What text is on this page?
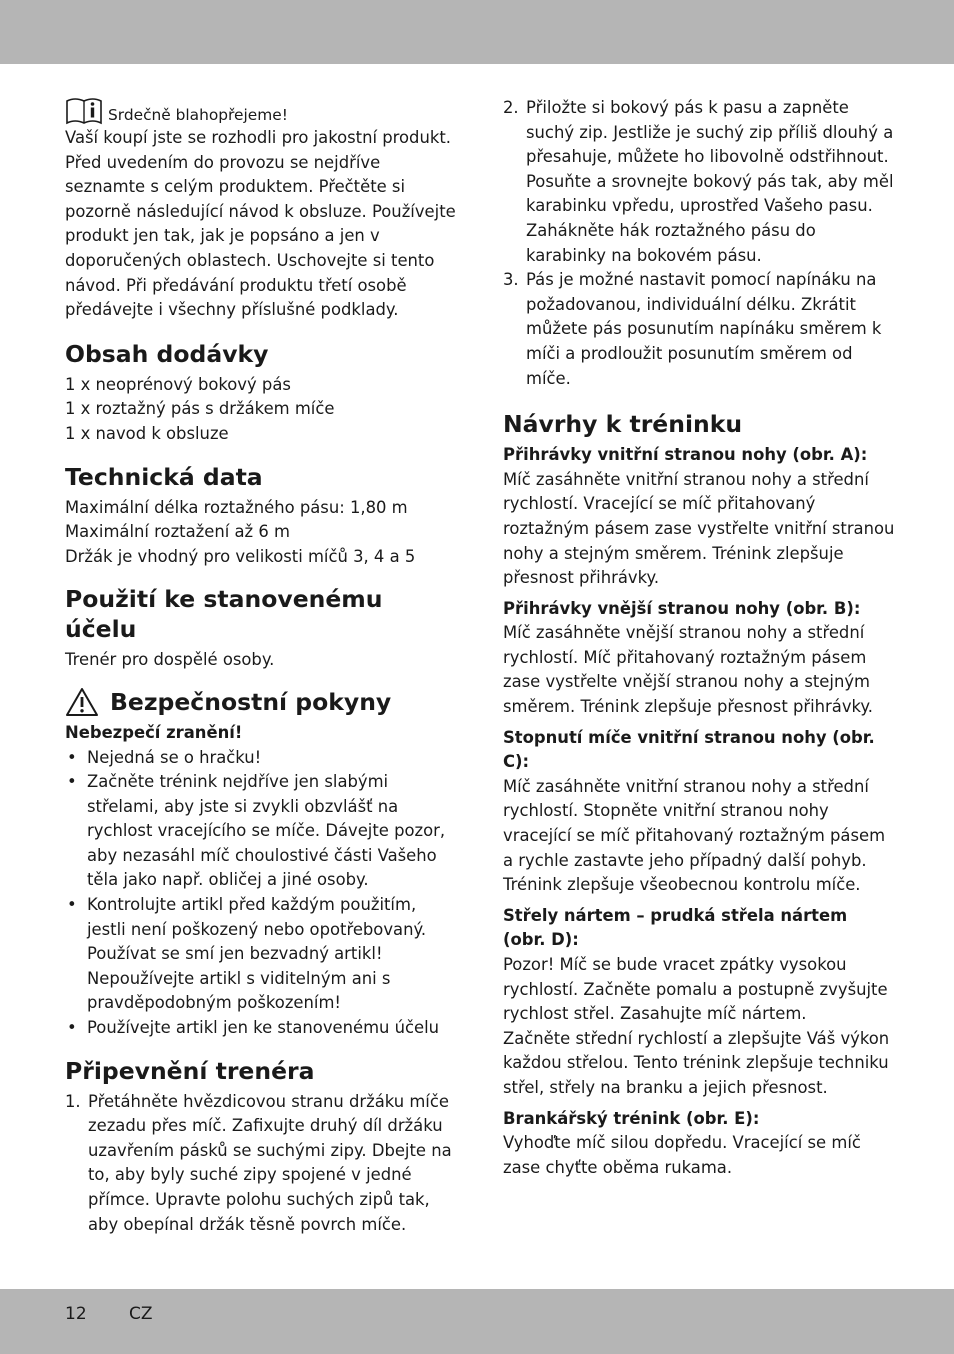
Srdečně blahopřejeme!

Vaší koupí jste se rozhodli pro jakostní produkt. Před uvedením do provozu se nejdříve seznamte s celým produktem. Přečtěte si pozorně následující návod k obsluze. Používejte produkt jen tak, jak je popsáno a jen v doporučených oblastech. Uschovejte si tento návod. Při předávání produktu třetí osobě předávejte i všechny příslušné podklady.

Obsah dodávky
1 x neoprénový bokový pás
1 x roztažný pás s držákem míče
1 x navod k obsluze
Technická data
Maximální délka roztažného pásu: 1,80 m
Maximální roztažení až 6 m
Držák je vhodný pro velikosti míčů 3, 4 a 5
Použití ke stanovenému účelu

Trenér pro dospělé osoby.

Bezpečnostní pokyny
Nebezpečí zranění!
• Nejedná se o hračku!
• Začněte trénink nejdříve jen slabými střelami, aby jste si zvykli obzvlášť na rychlost vracejícího se míče. Dávejte pozor, aby nezasáhl míč choulostivé části Vašeho těla jako např. obličej a jiné osoby.
• Kontrolujte artikl před každým použitím, jestli není poškozený nebo opotřebovaný. Používat se smí jen bezvadný artikl! Nepoužívejte artikl s viditelným ani s pravděpodobným poškozením!
• Používejte artikl jen ke stanovenému účelu
Připevnění trenéra
1. Přetáhněte hvězdicovou stranu držáku míče zezadu přes míč. Zafixujte druhý díl držáku uzavřením pásků se suchými zipy. Dbejte na to, aby byly suché zipy spojené v jedné přímce. Upravte polohu suchých zipů tak, aby obepínal držák těsně povrch míče.
2. Přiložte si bokový pás k pasu a zapněte suchý zip. Jestliže je suchý zip příliš dlouhý a přesahuje, můžete ho libovolně odstřihnout. Posuňte a srovnejte bokový pás tak, aby měl karabinku vpředu, uprostřed Vašeho pasu. Zahákněte hák roztažného pásu do karabinky na bokovém pásu.
3. Pás je možné nastavit pomocí napínáku na požadovanou, individuální délku. Zkrátit můžete pás posunutím napínáku směrem k míči a prodloužit posunutím směrem od míče.
Návrhy k tréninku
Přihrávky vnitřní stranou nohy (obr. A):

Míč zasáhněte vnitřní stranou nohy a střední rychlostí. Vracející se míč přitahovaný roztažným pásem zase vystřelte vnitřní stranou nohy a stejným směrem. Trénink zlepšuje přesnost přihrávky.

Přihrávky vnější stranou nohy (obr. B):

Míč zasáhněte vnější stranou nohy a střední rychlostí. Míč přitahovaný roztažným pásem zase vystřelte vnější stranou nohy a stejným směrem. Trénink zlepšuje přesnost přihrávky.

Stopnutí míče vnitřní stranou nohy (obr. C):

Míč zasáhněte vnitřní stranou nohy a střední rychlostí. Stopněte vnitřní stranou nohy vracející se míč přitahovaný roztažným pásem a rychle zastavte jeho případný další pohyb.

Trénink zlepšuje všeobecnou kontrolu míče.

Střely nártem – prudká střela nártem (obr. D):

Pozor! Míč se bude vracet zpátky vysokou rychlostí. Začněte pomalu a postupně zvyšujte rychlost střel. Zasahujte míč nártem.

Začněte střední rychlostí a zlepšujte Váš výkon každou střelou. Tento trénink zlepšuje techniku střel, střely na branku a jejich přesnost.

Brankářský trénink (obr. E):

Vyhoďte míč silou dopředu. Vracející se míč zase chyťte oběma rukama.

12 CZ
